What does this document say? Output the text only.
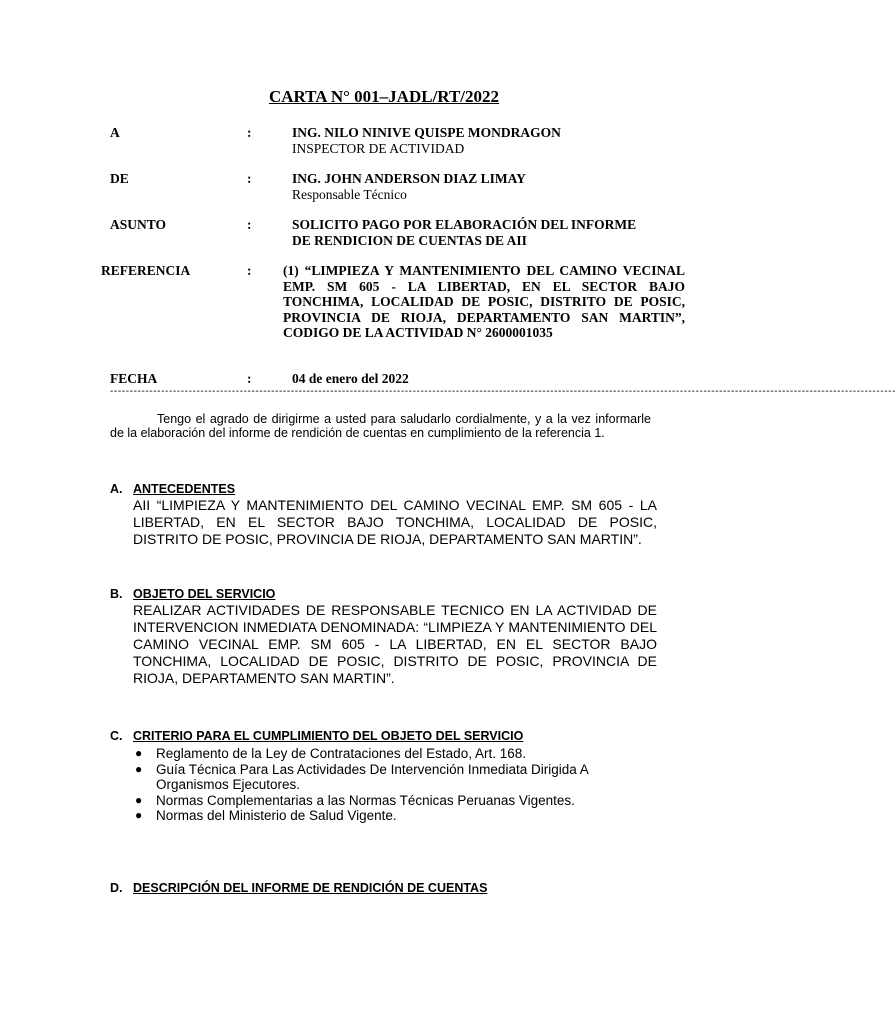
CARTA N° 001–JADL/RT/2022
A	:	ING. NILO NINIVE QUISPE MONDRAGON
INSPECTOR DE ACTIVIDAD
DE	:	ING. JOHN ANDERSON DIAZ LIMAY
Responsable Técnico
ASUNTO	:	SOLICITO PAGO POR ELABORACIÓN DEL INFORME
DE RENDICION DE CUENTAS DE AII
REFERENCIA	: (1) “LIMPIEZA Y MANTENIMIENTO DEL CAMINO VECINAL EMP. SM 605 - LA LIBERTAD, EN EL SECTOR BAJO TONCHIMA, LOCALIDAD DE POSIC, DISTRITO DE POSIC, PROVINCIA DE RIOJA, DEPARTAMENTO SAN MARTIN”, CODIGO DE LA ACTIVIDAD N° 2600001035
FECHA	:	04 de enero del 2022
--------------------------------------------------------------------------------------------------------------------------------------------------------------------------------------------------------
Tengo el agrado de dirigirme a usted para saludarlo cordialmente, y a la vez informarle de la elaboración del informe de rendición de cuentas en cumplimiento de la referencia 1.
A. ANTECEDENTES
AII “LIMPIEZA Y MANTENIMIENTO DEL CAMINO VECINAL EMP. SM 605 - LA LIBERTAD, EN EL SECTOR BAJO TONCHIMA, LOCALIDAD DE POSIC, DISTRITO DE POSIC, PROVINCIA DE RIOJA, DEPARTAMENTO SAN MARTIN”.
B. OBJETO DEL SERVICIO
REALIZAR ACTIVIDADES DE RESPONSABLE TECNICO EN LA ACTIVIDAD DE INTERVENCION INMEDIATA DENOMINADA: “LIMPIEZA Y MANTENIMIENTO DEL CAMINO VECINAL EMP. SM 605 - LA LIBERTAD, EN EL SECTOR BAJO TONCHIMA, LOCALIDAD DE POSIC, DISTRITO DE POSIC, PROVINCIA DE RIOJA, DEPARTAMENTO SAN MARTIN”.
C. CRITERIO PARA EL CUMPLIMIENTO DEL OBJETO DEL SERVICIO
● Reglamento de la Ley de Contrataciones del Estado, Art. 168.
● Guía Técnica Para Las Actividades De Intervención Inmediata Dirigida A Organismos Ejecutores.
● Normas Complementarias a las Normas Técnicas Peruanas Vigentes.
● Normas del Ministerio de Salud Vigente.
D. DESCRIPCIÓN DEL INFORME DE RENDICIÓN DE CUENTAS
